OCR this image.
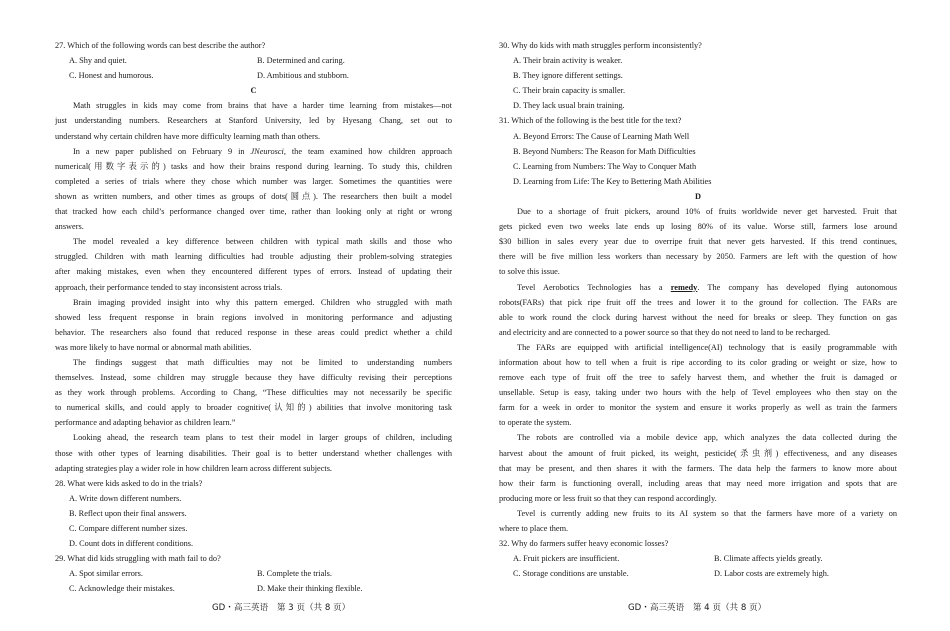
27. Which of the following words can best describe the author?
A. Shy and quiet.	B. Determined and caring.
C. Honest and humorous.	D. Ambitious and stubborn.
C
Math struggles in kids may come from brains that have a harder time learning from mistakes—not
just understanding numbers. Researchers at Stanford University, led by Hyesang Chang, set out to
understand why certain children have more difficulty learning math than others.
In a new paper published on February 9 in JNeurosci, the team examined how children approach
numerical(用数字表示的) tasks and how their brains respond during learning. To study this, children
completed a series of trials where they chose which number was larger. Sometimes the quantities were
shown as written numbers, and other times as groups of dots(圆点). The researchers then built a model
that tracked how each child’s performance changed over time, rather than looking only at right or wrong
answers.
The model revealed a key difference between children with typical math skills and those who
struggled. Children with math learning difficulties had trouble adjusting their problem-solving strategies
after making mistakes, even when they encountered different types of errors. Instead of updating their
approach, their performance tended to stay inconsistent across trials.
Brain imaging provided insight into why this pattern emerged. Children who struggled with math
showed less frequent response in brain regions involved in monitoring performance and adjusting
behavior. The researchers also found that reduced response in these areas could predict whether a child
was more likely to have normal or abnormal math abilities.
The findings suggest that math difficulties may not be limited to understanding numbers
themselves. Instead, some children may struggle because they have difficulty revising their perceptions
as they work through problems. According to Chang, “These difficulties may not necessarily be specific
to numerical skills, and could apply to broader cognitive(认知的) abilities that involve monitoring task
performance and adapting behavior as children learn.”
Looking ahead, the research team plans to test their model in larger groups of children, including
those with other types of learning disabilities. Their goal is to better understand whether challenges with
adapting strategies play a wider role in how children learn across different subjects.
28. What were kids asked to do in the trials?
A. Write down different numbers.
B. Reflect upon their final answers.
C. Compare different number sizes.
D. Count dots in different conditions.
29. What did kids struggling with math fail to do?
A. Spot similar errors.	B. Complete the trials.
C. Acknowledge their mistakes.	D. Make their thinking flexible.
30. Why do kids with math struggles perform inconsistently?
A. Their brain activity is weaker.
B. They ignore different settings.
C. Their brain capacity is smaller.
D. They lack usual brain training.
31. Which of the following is the best title for the text?
A. Beyond Errors: The Cause of Learning Math Well
B. Beyond Numbers: The Reason for Math Difficulties
C. Learning from Numbers: The Way to Conquer Math
D. Learning from Life: The Key to Bettering Math Abilities
D
Due to a shortage of fruit pickers, around 10% of fruits worldwide never get harvested. Fruit that
gets picked even two weeks late ends up losing 80% of its value. Worse still, farmers lose around
$30 billion in sales every year due to overripe fruit that never gets harvested. If this trend continues,
there will be five million less workers than necessary by 2050. Farmers are left with the question of how
to solve this issue.
Tevel Aerobotics Technologies has a remedy. The company has developed flying autonomous
robots(FARs) that pick ripe fruit off the trees and lower it to the ground for collection. The FARs are
able to work round the clock during harvest without the need for breaks or sleep. They function on gas
and electricity and are connected to a power source so that they do not need to land to be recharged.
The FARs are equipped with artificial intelligence(AI) technology that is easily programmable with
information about how to tell when a fruit is ripe according to its color grading or weight or size, how to
remove each type of fruit off the tree to safely harvest them, and whether the fruit is damaged or
unsellable. Setup is easy, taking under two hours with the help of Tevel employees who then stay on the
farm for a week in order to monitor the system and ensure it works properly as well as train the farmers
to operate the system.
The robots are controlled via a mobile device app, which analyzes the data collected during the
harvest about the amount of fruit picked, its weight, pesticide(杀虫剂) effectiveness, and any diseases
that may be present, and then shares it with the farmers. The data help the farmers to know more about
how their farm is functioning overall, including areas that may need more irrigation and spots that are
producing more or less fruit so that they can respond accordingly.
Tevel is currently adding new fruits to its AI system so that the farmers have more of a variety on
where to place them.
32. Why do farmers suffer heavy economic losses?
A. Fruit pickers are insufficient.	B. Climate affects yields greatly.
C. Storage conditions are unstable.	D. Labor costs are extremely high.
GD・高三英语　第 3 页（共 8 页）	GD・高三英语　第 4 页（共 8 页）
